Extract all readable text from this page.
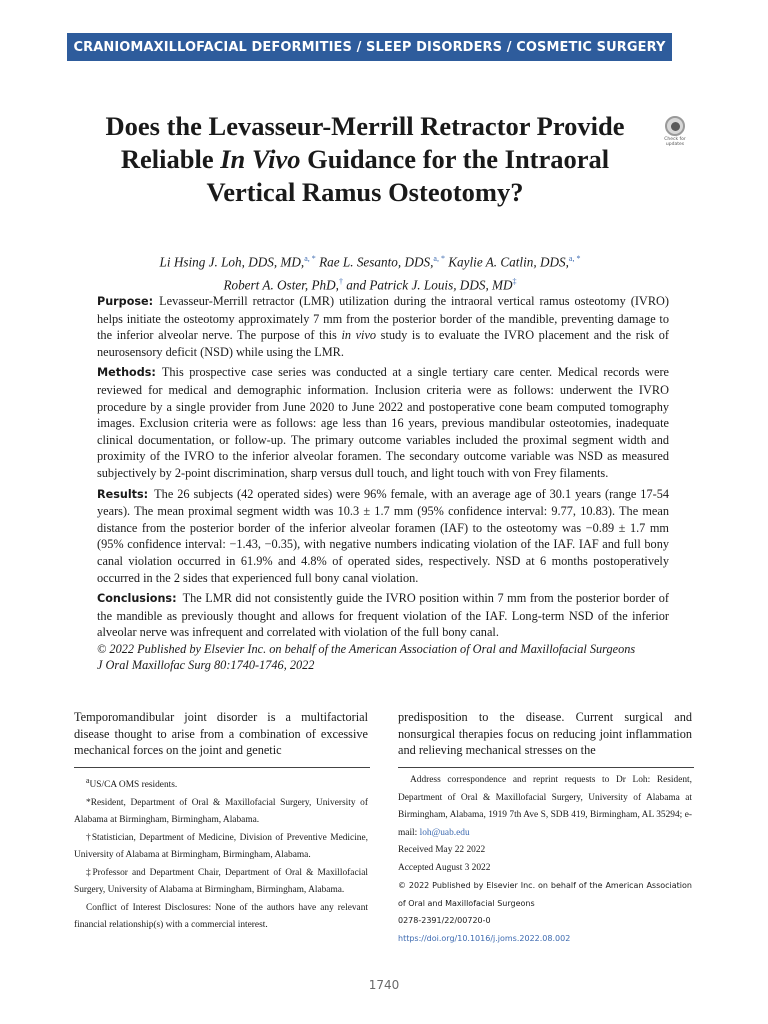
CRANIOMAXILLOFACIAL DEFORMITIES / SLEEP DISORDERS / COSMETIC SURGERY
Does the Levasseur-Merrill Retractor Provide Reliable In Vivo Guidance for the Intraoral Vertical Ramus Osteotomy?
Check for updates
Li Hsing J. Loh, DDS, MD,$^{a, *}$ Rae L. Sesanto, DDS,$^{a, *}$ Kaylie A. Catlin, DDS,$^{a, *}$
Robert A. Oster, PhD,† and Patrick J. Louis, DDS, MD‡

Purpose: Levasseur-Merrill retractor (LMR) utilization during the intraoral vertical ramus osteotomy (IVRO) helps initiate the osteotomy approximately 7 mm from the posterior border of the mandible, preventing damage to the inferior alveolar nerve. The purpose of this in vivo study is to evaluate the IVRO placement and the risk of neurosensory deficit (NSD) while using the LMR.

Methods: This prospective case series was conducted at a single tertiary care center. Medical records were reviewed for medical and demographic information. Inclusion criteria were as follows: underwent the IVRO procedure by a single provider from June 2020 to June 2022 and postoperative cone beam computed tomography images. Exclusion criteria were as follows: age less than 16 years, previous mandibular osteotomies, inadequate clinical documentation, or follow-up. The primary outcome variables included the proximal segment width and proximity of the IVRO to the inferior alveolar foramen. The secondary outcome variable was NSD as measured subjectively by 2-point discrimination, sharp versus dull touch, and light touch with von Frey filaments.

Results: The 26 subjects (42 operated sides) were 96% female, with an average age of 30.1 years (range 17-54 years). The mean proximal segment width was 10.3 ± 1.7 mm (95% confidence interval: 9.77, 10.83). The mean distance from the posterior border of the inferior alveolar foramen (IAF) to the osteotomy was −0.89 ± 1.7 mm (95% confidence interval: −1.43, −0.35), with negative numbers indicating violation of the IAF. IAF and full bony canal violation occurred in 61.9% and 4.8% of operated sides, respectively. NSD at 6 months postoperatively occurred in the 2 sides that experienced full bony canal violation.

Conclusions: The LMR did not consistently guide the IVRO position within 7 mm from the posterior border of the mandible as previously thought and allows for frequent violation of the IAF. Long-term NSD of the inferior alveolar nerve was infrequent and correlated with violation of the full bony canal.

© 2022 Published by Elsevier Inc. on behalf of the American Association of Oral and Maxillofacial Surgeons

J Oral Maxillofac Surg 80:1740-1746, 2022

Temporomandibular joint disorder is a multifactorial disease thought to arise from a combination of excessive mechanical forces on the joint and genetic
predisposition to the disease. Current surgical and nonsurgical therapies focus on reducing joint inflammation and relieving mechanical stresses on the

$^a$US/CA OMS residents.

*Resident, Department of Oral & Maxillofacial Surgery, University of Alabama at Birmingham, Birmingham, Alabama.

†Statistician, Department of Medicine, Division of Preventive Medicine, University of Alabama at Birmingham, Birmingham, Alabama.

‡Professor and Department Chair, Department of Oral & Maxillofacial Surgery, University of Alabama at Birmingham, Birmingham, Alabama.

Conflict of Interest Disclosures: None of the authors have any relevant financial relationship(s) with a commercial interest.

Address correspondence and reprint requests to Dr Loh: Resident, Department of Oral & Maxillofacial Surgery, University of Alabama at Birmingham, Alabama, 1919 7th Ave S, SDB 419, Birmingham, AL 35294; e-mail: loh@uab.edu

Received May 22 2022

Accepted August 3 2022

© 2022 Published by Elsevier Inc. on behalf of the American Association of Oral and Maxillofacial Surgeons

0278-2391/22/00720-0

https://doi.org/10.1016/j.joms.2022.08.002

1740
